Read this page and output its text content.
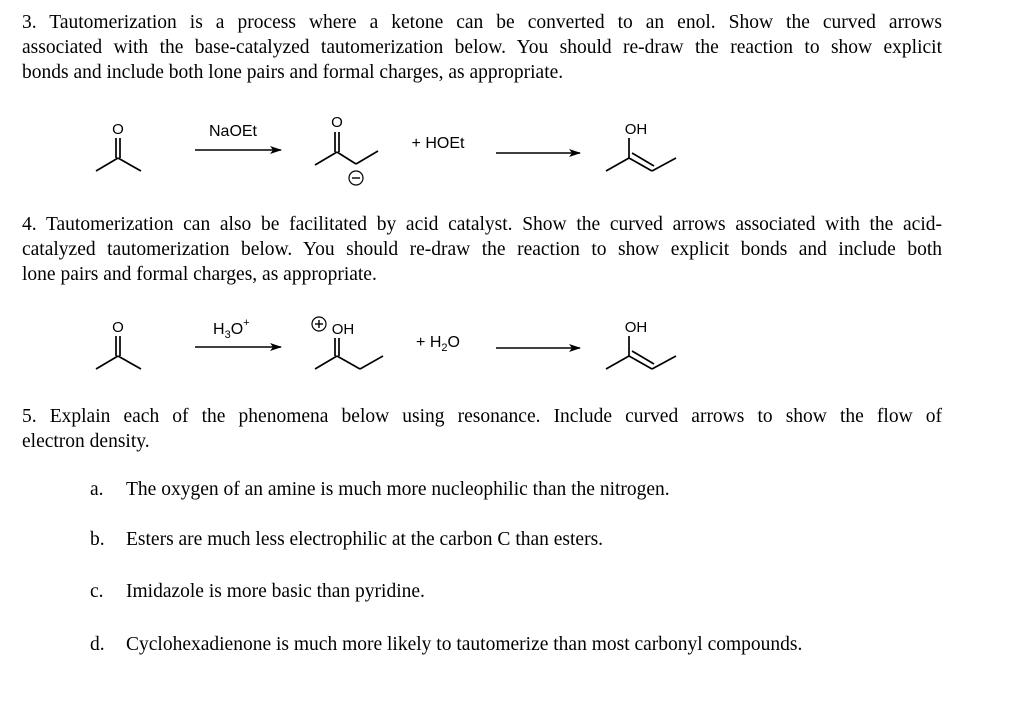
3. Tautomerization is a process where a ketone can be converted to an enol. Show the curved arrows
associated with the base-catalyzed tautomerization below. You should re-draw the reaction to show explicit
bonds and include both lone pairs and formal charges, as appropriate.
4. Tautomerization can also be facilitated by acid catalyst. Show the curved arrows associated with the acid-
catalyzed tautomerization below. You should re-draw the reaction to show explicit bonds and include both
lone pairs and formal charges, as appropriate.
5. Explain each of the phenomena below using resonance. Include curved arrows to show the flow of
electron density.
a. The oxygen of an amine is much more nucleophilic than the nitrogen.
b. Esters are much less electrophilic at the carbon C than esters.
c. Imidazole is more basic than pyridine.
d. Cyclohexadienone is much more likely to tautomerize than most carbonyl compounds.
O	NaOEt
O
+ HOEt
OH
O	$H_3O^+$	OH
+ $H_2O$
OH
